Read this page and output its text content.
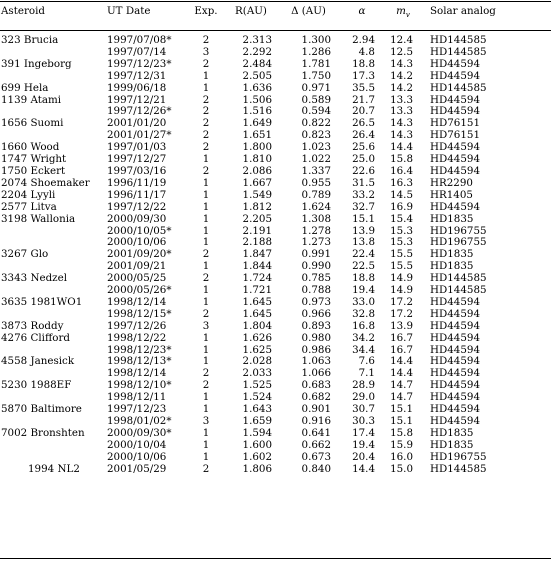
Asteroid	UT Date	Exp.	R(AU)	Δ (AU)	α	$m_v$	Solar analog
323 Brucia	1997/07/08*	2	2.313	1.300	2.94	12.4	HD144585
	1997/07/14	3	2.292	1.286	4.8	12.5	HD144585
391 Ingeborg	1997/12/23*	2	2.484	1.781	18.8	14.3	HD44594
	1997/12/31	1	2.505	1.750	17.3	14.2	HD44594
699 Hela	1999/06/18	1	1.636	0.971	35.5	14.2	HD144585
1139 Atami	1997/12/21	2	1.506	0.589	21.7	13.3	HD44594
	1997/12/26*	2	1.516	0.594	20.7	13.3	HD44594
1656 Suomi	2001/01/20	2	1.649	0.822	26.5	14.3	HD76151
	2001/01/27*	2	1.651	0.823	26.4	14.3	HD76151
1660 Wood	1997/01/03	2	1.800	1.023	25.6	14.4	HD44594
1747 Wright	1997/12/27	1	1.810	1.022	25.0	15.8	HD44594
1750 Eckert	1997/03/16	2	2.086	1.337	22.6	16.4	HD44594
2074 Shoemaker	1996/11/19	1	1.667	0.955	31.5	16.3	HR2290
2204 Lyyli	1996/11/17	1	1.549	0.789	33.2	14.5	HR1405
2577 Litva	1997/12/22	1	1.812	1.624	32.7	16.9	HD44594
3198 Wallonia	2000/09/30	1	2.205	1.308	15.1	15.4	HD1835
	2000/10/05*	1	2.191	1.278	13.9	15.3	HD196755
	2000/10/06	1	2.188	1.273	13.8	15.3	HD196755
3267 Glo	2001/09/20*	2	1.847	0.991	22.4	15.5	HD1835
	2001/09/21	1	1.844	0.990	22.5	15.5	HD1835
3343 Nedzel	2000/05/25	2	1.724	0.785	18.8	14.9	HD144585
	2000/05/26*	1	1.721	0.788	19.4	14.9	HD144585
3635 1981WO1	1998/12/14	1	1.645	0.973	33.0	17.2	HD44594
	1998/12/15*	2	1.645	0.966	32.8	17.2	HD44594
3873 Roddy	1997/12/26	3	1.804	0.893	16.8	13.9	HD44594
4276 Clifford	1998/12/22	1	1.626	0.980	34.2	16.7	HD44594
	1998/12/23*	1	1.625	0.986	34.4	16.7	HD44594
4558 Janesick	1998/12/13*	1	2.028	1.063	7.6	14.4	HD44594
	1998/12/14	2	2.033	1.066	7.1	14.4	HD44594
5230 1988EF	1998/12/10*	2	1.525	0.683	28.9	14.7	HD44594
	1998/12/11	1	1.524	0.682	29.0	14.7	HD44594
5870 Baltimore	1997/12/23	1	1.643	0.901	30.7	15.1	HD44594
	1998/01/02*	3	1.659	0.916	30.3	15.1	HD44594
7002 Bronshten	2000/09/30*	1	1.594	0.641	17.4	15.8	HD1835
	2000/10/04	1	1.600	0.662	19.4	15.9	HD1835
	2000/10/06	1	1.602	0.673	20.4	16.0	HD196755
1994 NL2	2001/05/29	2	1.806	0.840	14.4	15.0	HD144585
